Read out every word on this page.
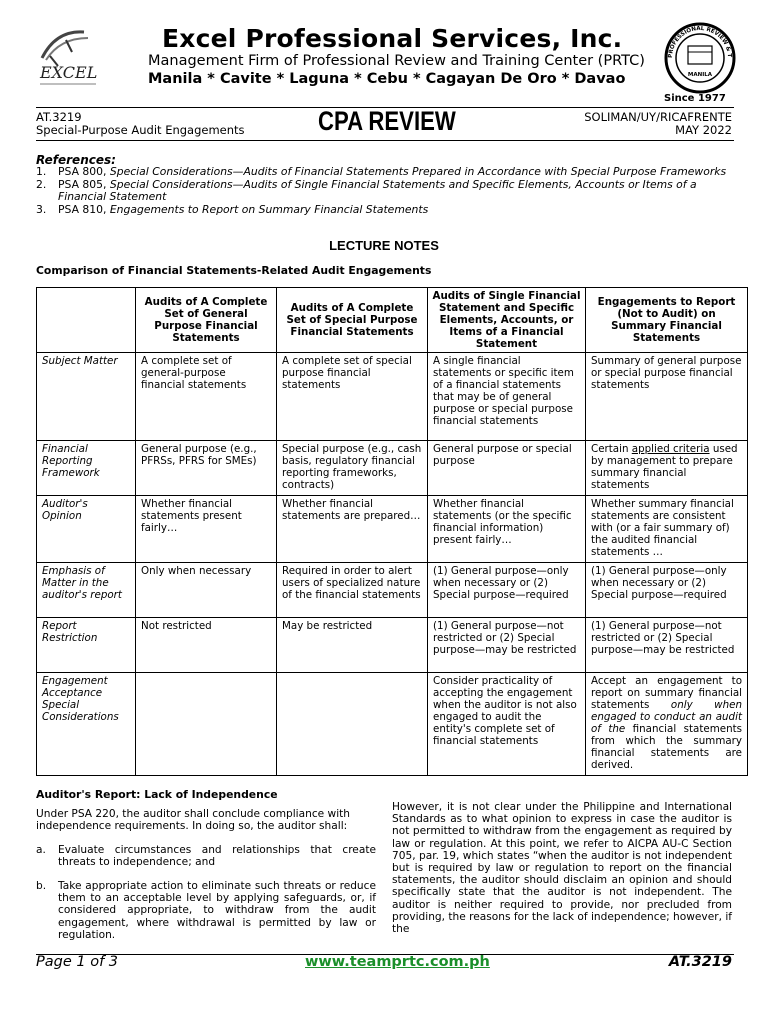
EXCEL
Excel Professional Services, Inc.
Management Firm of Professional Review and Training Center (PRTC)
Manila * Cavite * Laguna * Cebu * Cagayan De Oro * Davao
PROFESSIONAL REVIEW & T
MANILA
Since 1977
AT.3219
Special-Purpose Audit Engagements	CPA REVIEW	SOLIMAN/UY/RICAFRENTE
MAY 2022
References:
1.	PSA 800, Special Considerations—Audits of Financial Statements Prepared in Accordance with Special Purpose Frameworks
2.	PSA 805, Special Considerations—Audits of Single Financial Statements and Specific Elements, Accounts or Items of a Financial Statement
3.	PSA 810, Engagements to Report on Summary Financial Statements
LECTURE NOTES
Comparison of Financial Statements-Related Audit Engagements
	Audits of A Complete Set of General Purpose Financial Statements	Audits of A Complete Set of Special Purpose Financial Statements	Audits of Single Financial Statement and Specific Elements, Accounts, or Items of a Financial Statement	Engagements to Report (Not to Audit) on Summary Financial Statements
Subject Matter	A complete set of general-purpose financial statements	A complete set of special purpose financial statements	A single financial statements or specific item of a financial statements that may be of general purpose or special purpose financial statements	Summary of general purpose or special purpose financial statements
Financial Reporting Framework	General purpose (e.g., PFRSs, PFRS for SMEs)	Special purpose (e.g., cash basis, regulatory financial reporting frameworks, contracts)	General purpose or special purpose	Certain applied criteria used by management to prepare summary financial statements
Auditor's Opinion	Whether financial statements present fairly…	Whether financial statements are prepared…	Whether financial statements (or the specific financial information) present fairly…	Whether summary financial statements are consistent with (or a fair summary of) the audited financial statements …
Emphasis of Matter in the auditor's report	Only when necessary	Required in order to alert users of specialized nature of the financial statements	(1) General purpose—only when necessary or (2) Special purpose—required	(1) General purpose—only when necessary or (2) Special purpose—required
Report Restriction	Not restricted	May be restricted	(1) General purpose—not restricted or (2) Special purpose—may be restricted	(1) General purpose—not restricted or (2) Special purpose—may be restricted
Engagement Acceptance Special Considerations			Consider practicality of accepting the engagement when the auditor is not also engaged to audit the entity's complete set of financial statements	Accept an engagement to report on summary financial statements only when engaged to conduct an audit of the financial statements from which the summary financial statements are derived.
Auditor's Report: Lack of Independence

Under PSA 220, the auditor shall conclude compliance with independence requirements. In doing so, the auditor shall:

a.	Evaluate circumstances and relationships that create threats to independence; and
b.	Take appropriate action to eliminate such threats or reduce them to an acceptable level by applying safeguards, or, if considered appropriate, to withdraw from the audit engagement, where withdrawal is permitted by law or regulation.
However, it is not clear under the Philippine and International Standards as to what opinion to express in case the auditor is not permitted to withdraw from the engagement as required by law or regulation. At this point, we refer to AICPA AU-C Section 705, par. 19, which states “when the auditor is not independent but is required by law or regulation to report on the financial statements, the auditor should disclaim an opinion and should specifically state that the auditor is not independent. The auditor is neither required to provide, nor precluded from providing, the reasons for the lack of independence; however, if the
Page 1 of 3	www.teamprtc.com.ph	AT.3219
